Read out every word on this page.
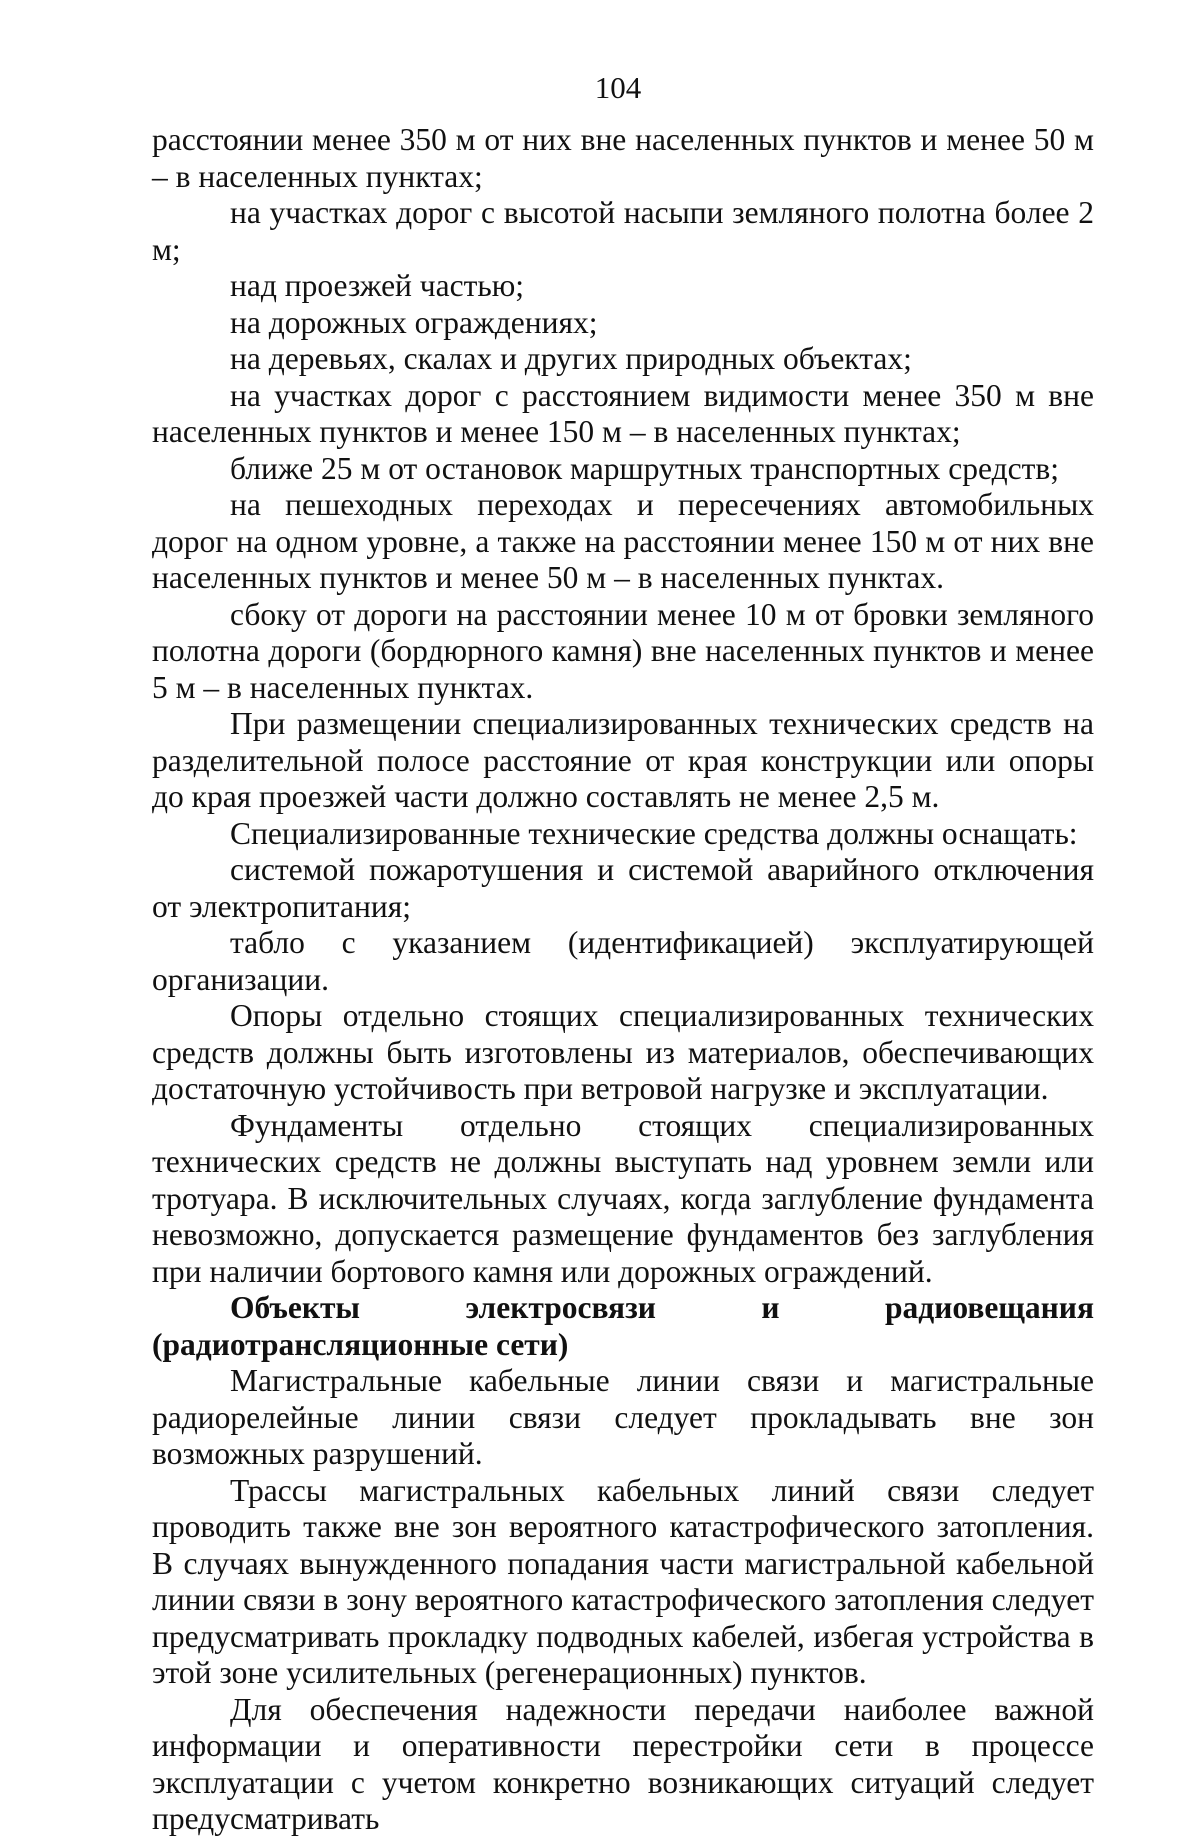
104

расстоянии менее 350 м от них вне населенных пунктов и менее 50 м – в населенных пунктах;

на участках дорог с высотой насыпи земляного полотна более 2 м;

над проезжей частью;

на дорожных ограждениях;

на деревьях, скалах и других природных объектах;

на участках дорог с расстоянием видимости менее 350 м вне населенных пунктов и менее 150 м – в населенных пунктах;

ближе 25 м от остановок маршрутных транспортных средств;

на пешеходных переходах и пересечениях автомобильных дорог на одном уровне, а также на расстоянии менее 150 м от них вне населенных пунктов и менее 50 м – в населенных пунктах.

сбоку от дороги на расстоянии менее 10 м от бровки земляного полотна дороги (бордюрного камня) вне населенных пунктов и менее 5 м – в населенных пунктах.

При размещении специализированных технических средств на разделительной полосе расстояние от края конструкции или опоры до края проезжей части должно составлять не менее 2,5 м.

Специализированные технические средства должны оснащать:

системой пожаротушения и системой аварийного отключения от электропитания;

табло с указанием (идентификацией) эксплуатирующей организации.

Опоры отдельно стоящих специализированных технических средств должны быть изготовлены из материалов, обеспечивающих достаточную устойчивость при ветровой нагрузке и эксплуатации.

Фундаменты отдельно стоящих специализированных технических средств не должны выступать над уровнем земли или тротуара. В исключительных случаях, когда заглубление фундамента невозможно, допускается размещение фундаментов без заглубления при наличии бортового камня или дорожных ограждений.

Объекты электросвязи и радиовещания (радиотрансляционные сети)

Магистральные кабельные линии связи и магистральные радиорелейные линии связи следует прокладывать вне зон возможных разрушений.

Трассы магистральных кабельных линий связи следует проводить также вне зон вероятного катастрофического затопления. В случаях вынужденного попадания части магистральной кабельной линии связи в зону вероятного катастрофического затопления следует предусматривать прокладку подводных кабелей, избегая устройства в этой зоне усилительных (регенерационных) пунктов.

Для обеспечения надежности передачи наиболее важной информации и оперативности перестройки сети в процессе эксплуатации с учетом конкретно возникающих ситуаций следует предусматривать
